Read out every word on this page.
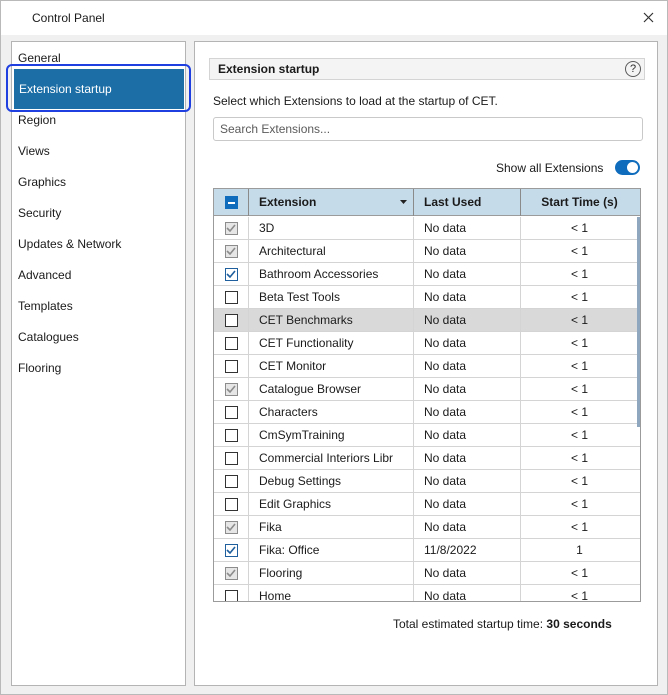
Control Panel
General
Extension startup
Region
Views
Graphics
Security
Updates & Network
Advanced
Templates
Catalogues
Flooring
Extension startup	?
Select which Extensions to load at the startup of CET.
Search Extensions...
Show all Extensions
Extension	Last Used	Start Time (s)
3D	No data	< 1
Architectural	No data	< 1
Bathroom Accessories	No data	< 1
Beta Test Tools	No data	< 1
CET Benchmarks	No data	< 1
CET Functionality	No data	< 1
CET Monitor	No data	< 1
Catalogue Browser	No data	< 1
Characters	No data	< 1
CmSymTraining	No data	< 1
Commercial Interiors Libr	No data	< 1
Debug Settings	No data	< 1
Edit Graphics	No data	< 1
Fika	No data	< 1
Fika: Office	11/8/2022	1
Flooring	No data	< 1
Home	No data	< 1
Total estimated startup time: 30 seconds
